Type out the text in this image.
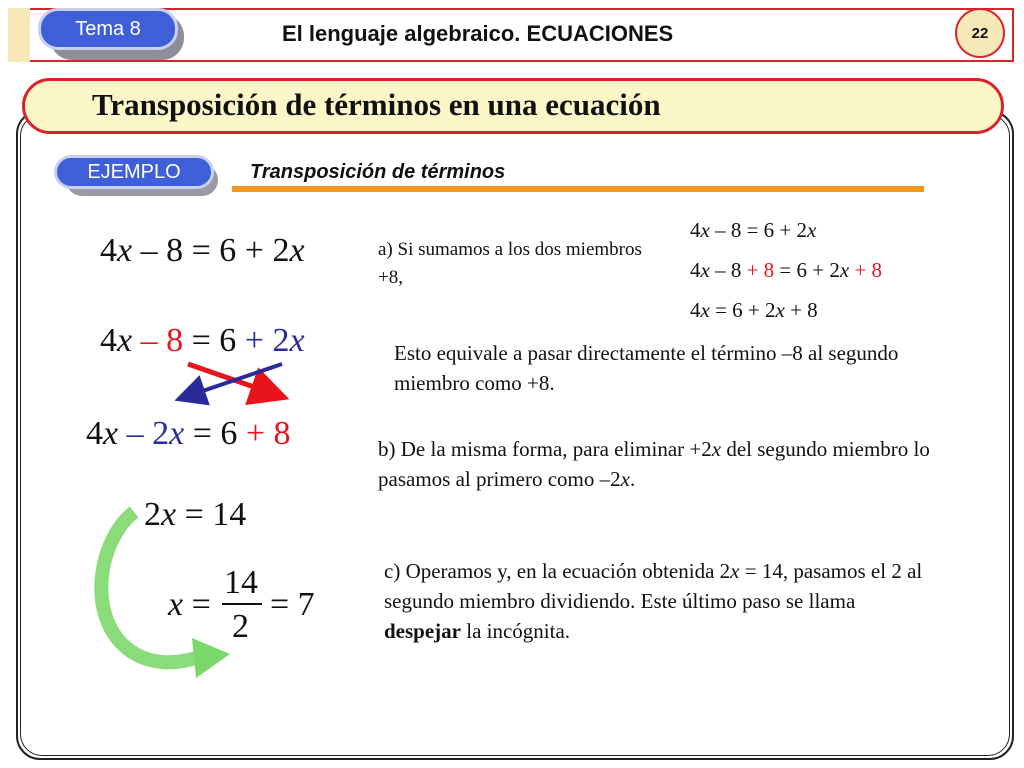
Tema 8	El lenguaje algebraico. ECUACIONES	22
Transposición de términos en una ecuación
EJEMPLO	Transposición de términos
4x – 8 = 6 + 2x
4x – 8 = 6 + 2x
4x – 2x = 6 + 8
2x = 14
x =
14
2
= 7
a) Si sumamos a los dos miembros +8,
4x – 8 = 6 + 2x
4x – 8 + 8 = 6 + 2x + 8
4x = 6 + 2x + 8
Esto equivale a pasar directamente el término –8 al segundo miembro como +8.
b) De la misma forma, para eliminar +2x del segundo miembro lo pasamos al primero como –2x.
c) Operamos y, en la ecuación obtenida 2x = 14, pasamos el 2 al segundo miembro dividiendo. Este último paso se llama despejar la incógnita.
